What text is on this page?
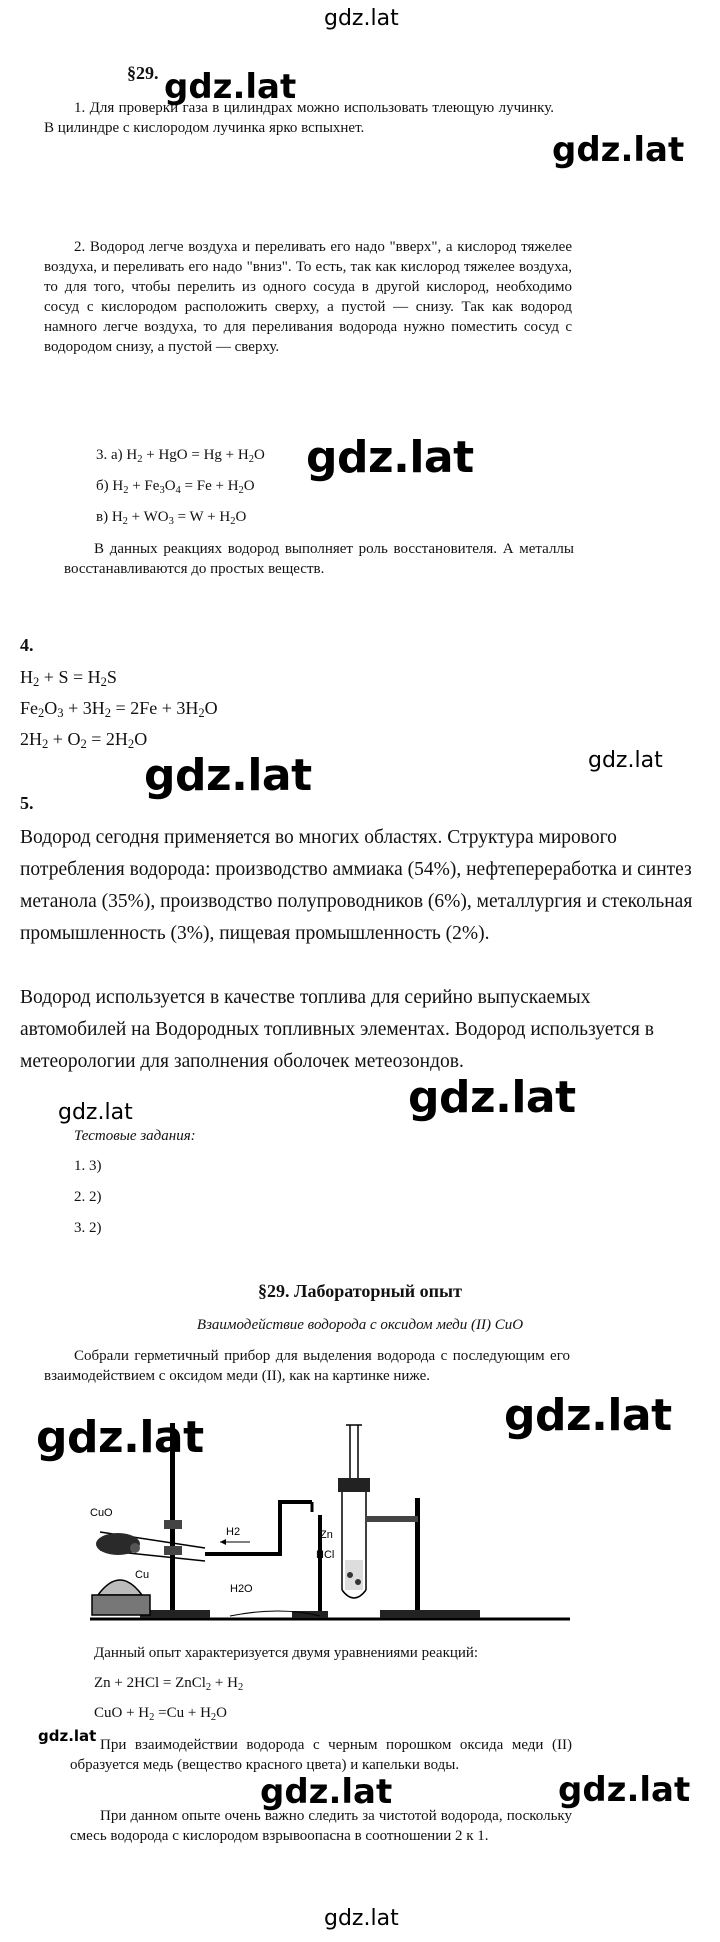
§29.
1. Для проверки газа в цилиндрах можно использовать тлеющую лучинку. В цилиндре с кислородом лучинка ярко вспыхнет.
2. Водород легче воздуха и переливать его надо "вверх", а кислород тяжелее воздуха, и переливать его надо "вниз". То есть, так как кислород тяжелее воздуха, то для того, чтобы перелить из одного сосуда в другой кислород, необходимо сосуд с кислородом расположить сверху, а пустой — снизу. Так как водород намного легче воздуха, то для переливания водорода нужно поместить сосуд с водородом снизу, а пустой — сверху.
3. а) $H_2$ + HgO = $Hg + H_2O$
б) $H_2 + Fe_3O_4 = Fe + H_2O$
в) $H_2 + WO_3 = W + H_2O$
В данных реакциях водород выполняет роль восстановителя. А металлы восстанавливаются до простых веществ.
4.
$H_2 + S = H_2S$
$Fe_2O_3 + 3H_2 = 2Fe + 3H_2O$
$2H_2 + O_2 = 2H_2O$
5.
Водород сегодня применяется во многих областях. Структура мирового потребления водорода: производство аммиака (54%), нефтепереработка и синтез метанола (35%), производство полупроводников (6%), металлургия и стекольная промышленность (3%), пищевая промышленность (2%).
Водород используется в качестве топлива для серийно выпускаемых автомобилей на Водородных топливных элементах. Водород используется в метеорологии для заполнения оболочек метеозондов.
Тестовые задания:
1. 3)
2. 2)
3. 2)
§29. Лабораторный опыт
Взаимодействие водорода с оксидом меди (II) CuO
Собрали герметичный прибор для выделения водорода с последующим его взаимодействием с оксидом меди (II), как на картинке ниже.
CuO
Cu
H2
H2O
Zn
HCl
Данный опыт характеризуется двумя уравнениями реакций:
Zn + 2HCl = ZnCl$_2$ + $H_2$
CuO + $H_2 =Cu + H_2O$
При взаимодействии водорода с черным порошком оксида меди (II) образуется медь (вещество красного цвета) и капельки воды.
При данном опыте очень важно следить за чистотой водорода, поскольку смесь водорода с кислородом взрывоопасна в соотношении 2 к 1.
gdz.lat
gdz.lat
gdz.lat
gdz.lat
gdz.lat	gdz.lat
gdz.lat	gdz.lat
gdz.lat	gdz.lat
gdz.lat
gdz.lat	gdz.lat
gdz.lat
